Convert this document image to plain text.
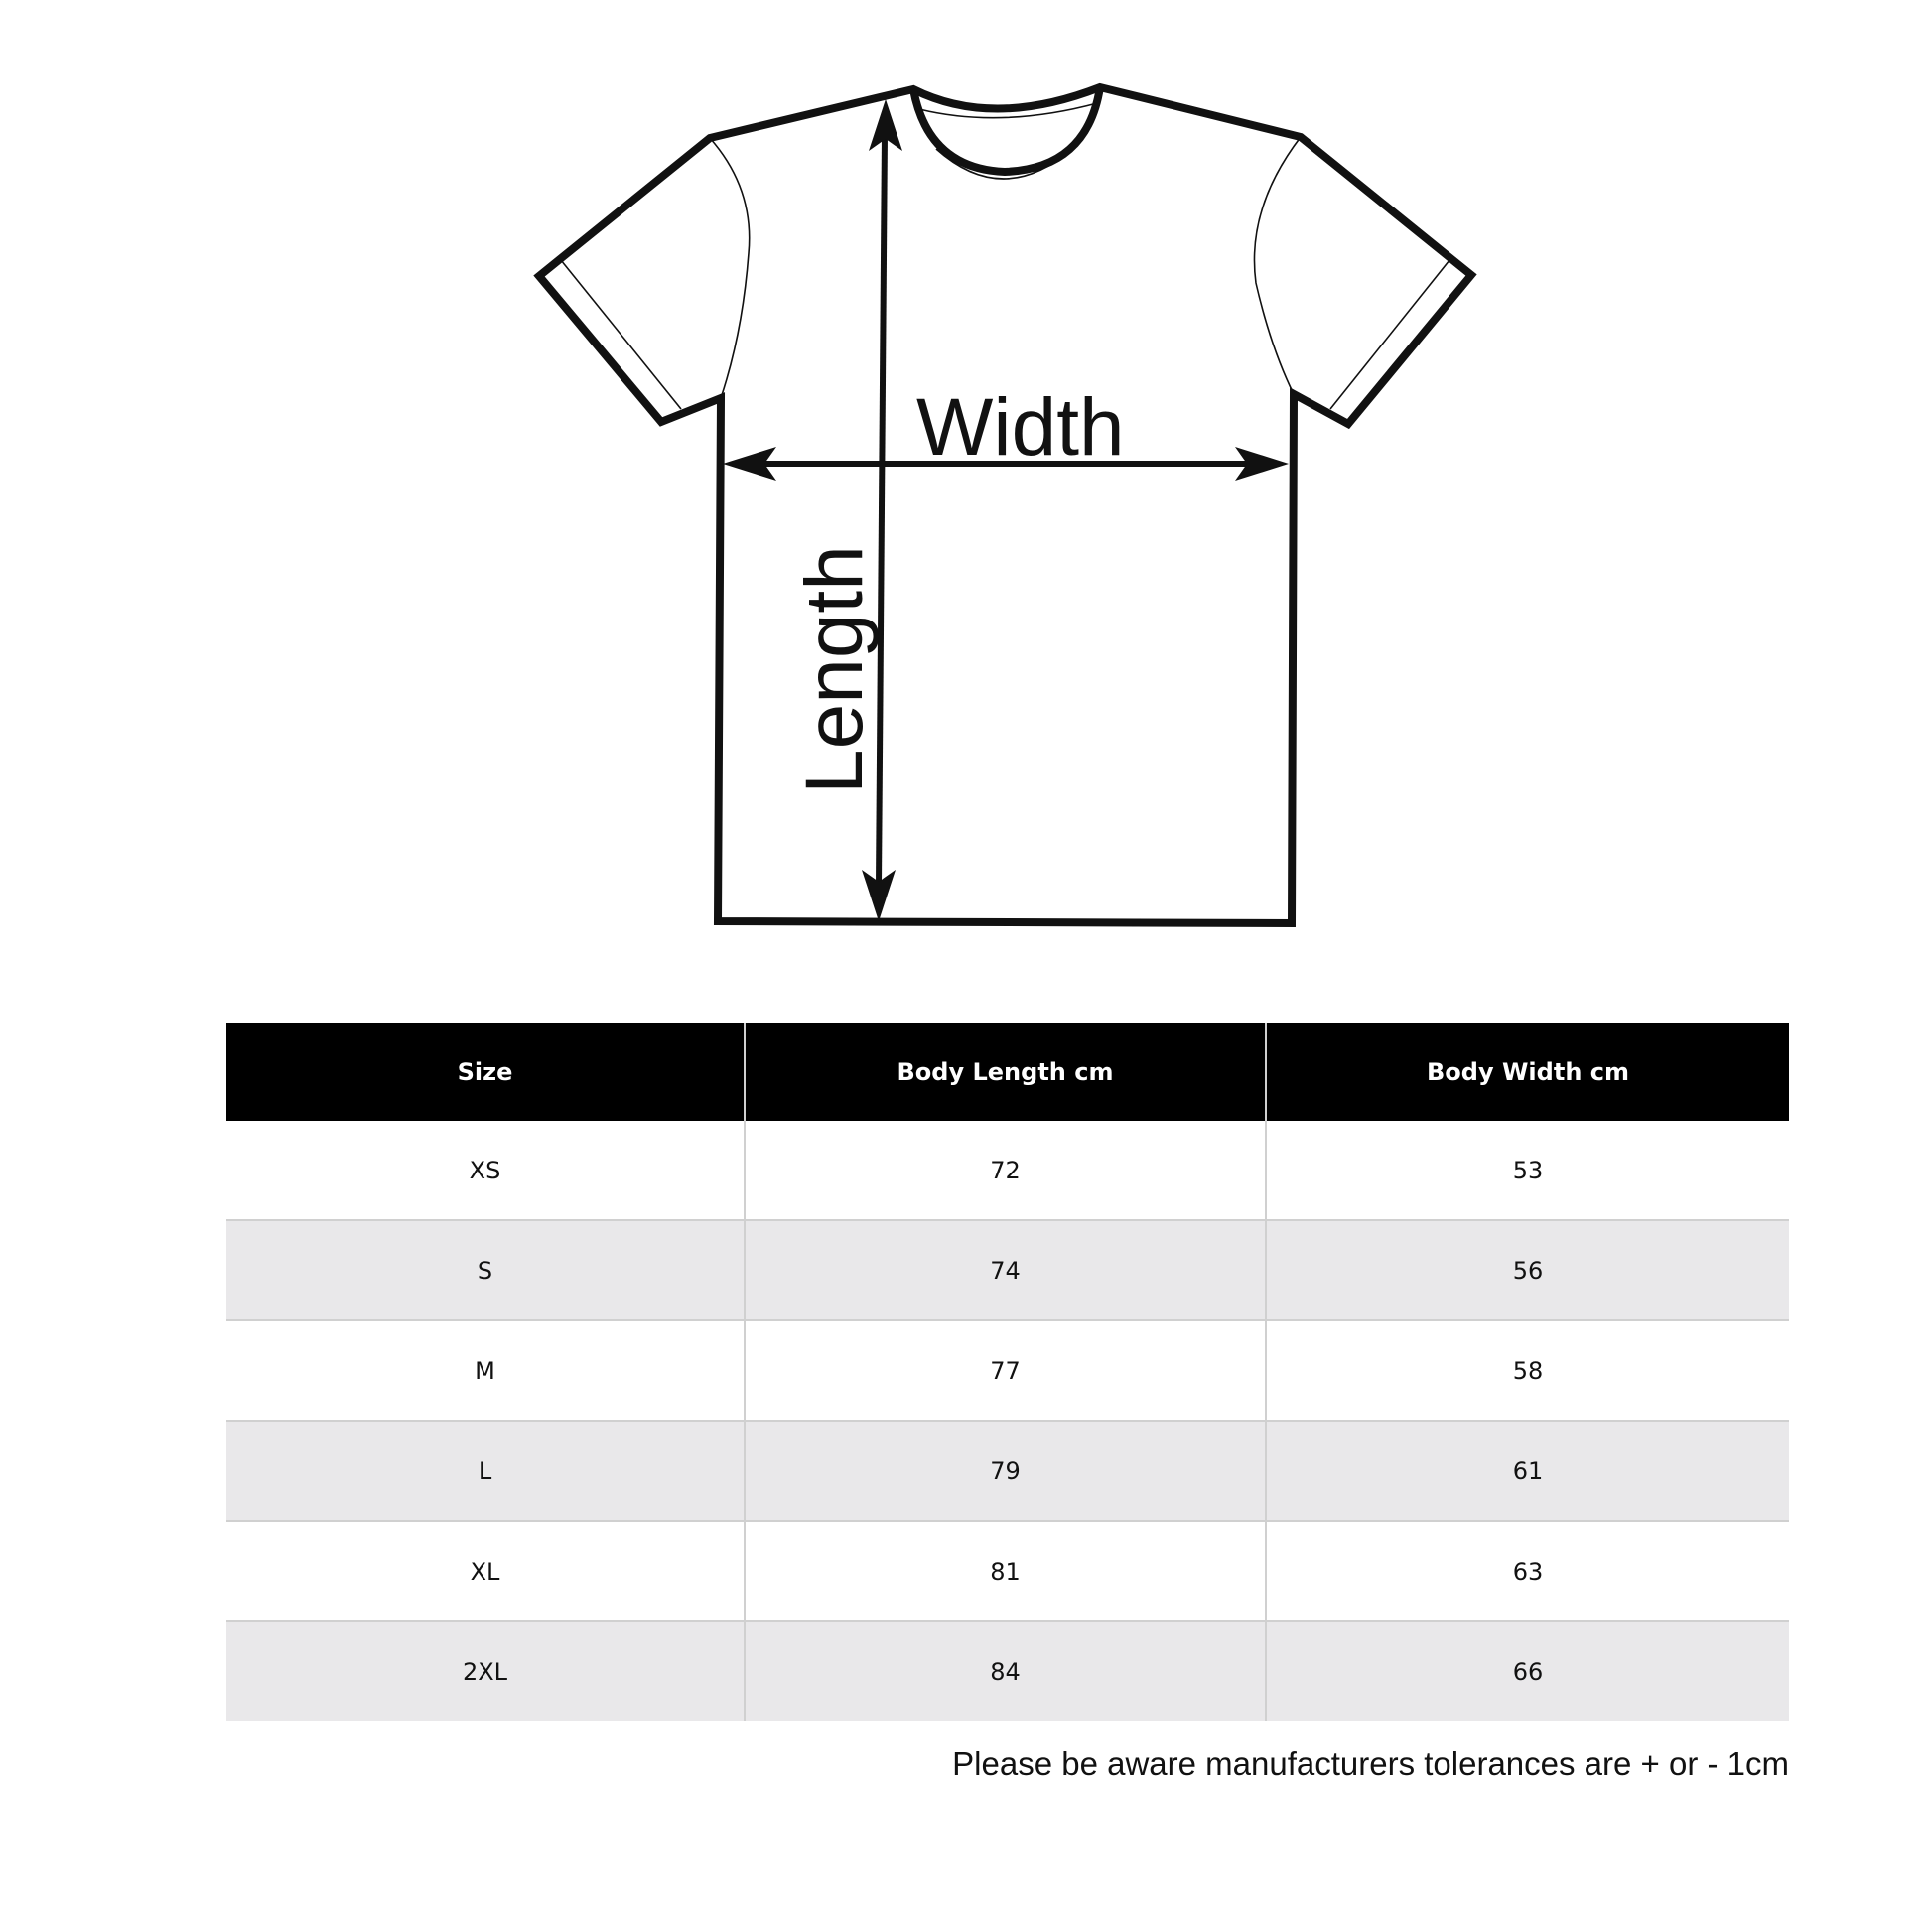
Width
Length
Size	Body Length cm	Body Width cm
XS	72	53
S	74	56
M	77	58
L	79	61
XL	81	63
2XL	84	66
Please be aware manufacturers tolerances are + or - 1cm
